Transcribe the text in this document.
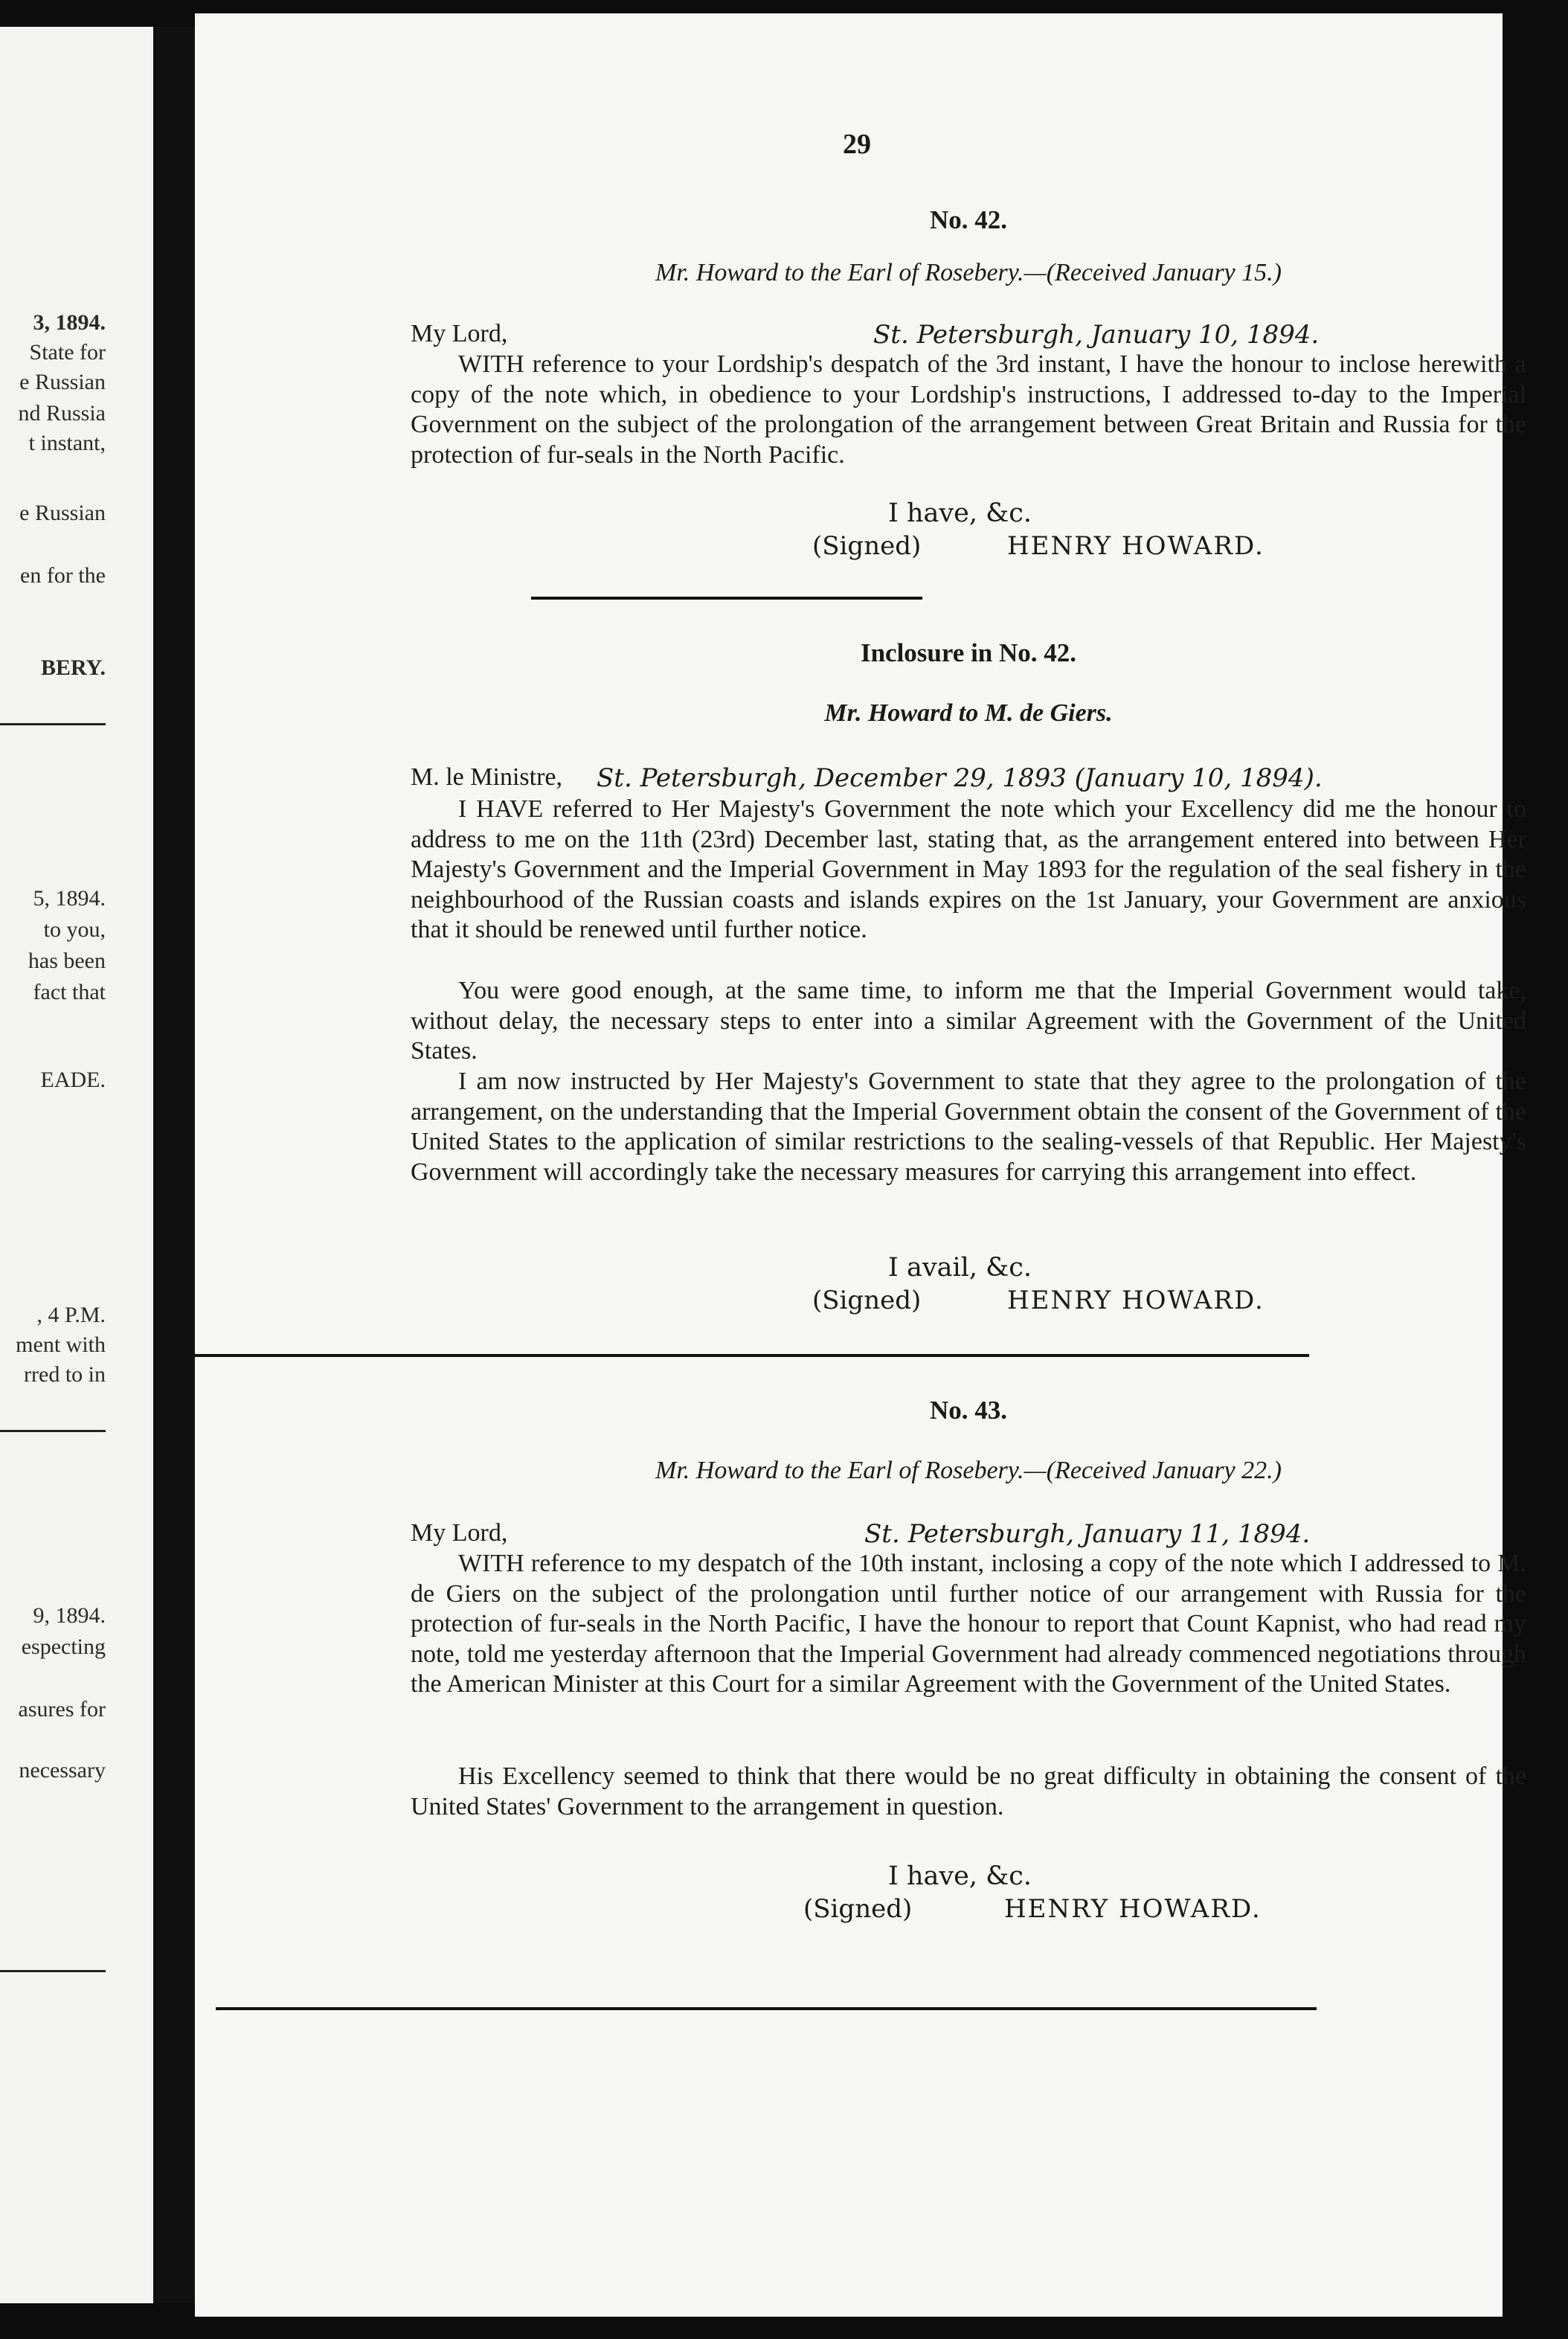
3, 1894.
State for
e Russian
nd Russia
t instant,
e Russian
en for the
BERY.
5, 1894.
to you,
has been
fact that
EADE.
, 4 P.M.
ment with
rred to in
9, 1894.
especting
asures for
necessary
29
No. 42.
Mr. Howard to the Earl of Rosebery.—(Received January 15.)
My Lord,	St. Petersburgh, January 10, 1894.
WITH reference to your Lordship's despatch of the 3rd instant, I have the honour to inclose herewith a copy of the note which, in obedience to your Lordship's instructions, I addressed to-day to the Imperial Government on the subject of the prolongation of the arrangement between Great Britain and Russia for the protection of fur-seals in the North Pacific.
I have, &c.
(Signed)	HENRY HOWARD.
Inclosure in No. 42.
Mr. Howard to M. de Giers.
M. le Ministre,	St. Petersburgh, December 29, 1893 (January 10, 1894).
I HAVE referred to Her Majesty's Government the note which your Excellency did me the honour to address to me on the 11th (23rd) December last, stating that, as the arrangement entered into between Her Majesty's Government and the Imperial Government in May 1893 for the regulation of the seal fishery in the neighbourhood of the Russian coasts and islands expires on the 1st January, your Government are anxious that it should be renewed until further notice.
You were good enough, at the same time, to inform me that the Imperial Government would take, without delay, the necessary steps to enter into a similar Agreement with the Government of the United States.
I am now instructed by Her Majesty's Government to state that they agree to the prolongation of the arrangement, on the understanding that the Imperial Government obtain the consent of the Government of the United States to the application of similar restrictions to the sealing-vessels of that Republic. Her Majesty's Government will accordingly take the necessary measures for carrying this arrangement into effect.
I avail, &c.
(Signed)	HENRY HOWARD.
No. 43.
Mr. Howard to the Earl of Rosebery.—(Received January 22.)
My Lord,	St. Petersburgh, January 11, 1894.
WITH reference to my despatch of the 10th instant, inclosing a copy of the note which I addressed to M. de Giers on the subject of the prolongation until further notice of our arrangement with Russia for the protection of fur-seals in the North Pacific, I have the honour to report that Count Kapnist, who had read my note, told me yesterday afternoon that the Imperial Government had already commenced negotiations through the American Minister at this Court for a similar Agreement with the Government of the United States.
His Excellency seemed to think that there would be no great difficulty in obtaining the consent of the United States' Government to the arrangement in question.
I have, &c.
(Signed)	HENRY HOWARD.
